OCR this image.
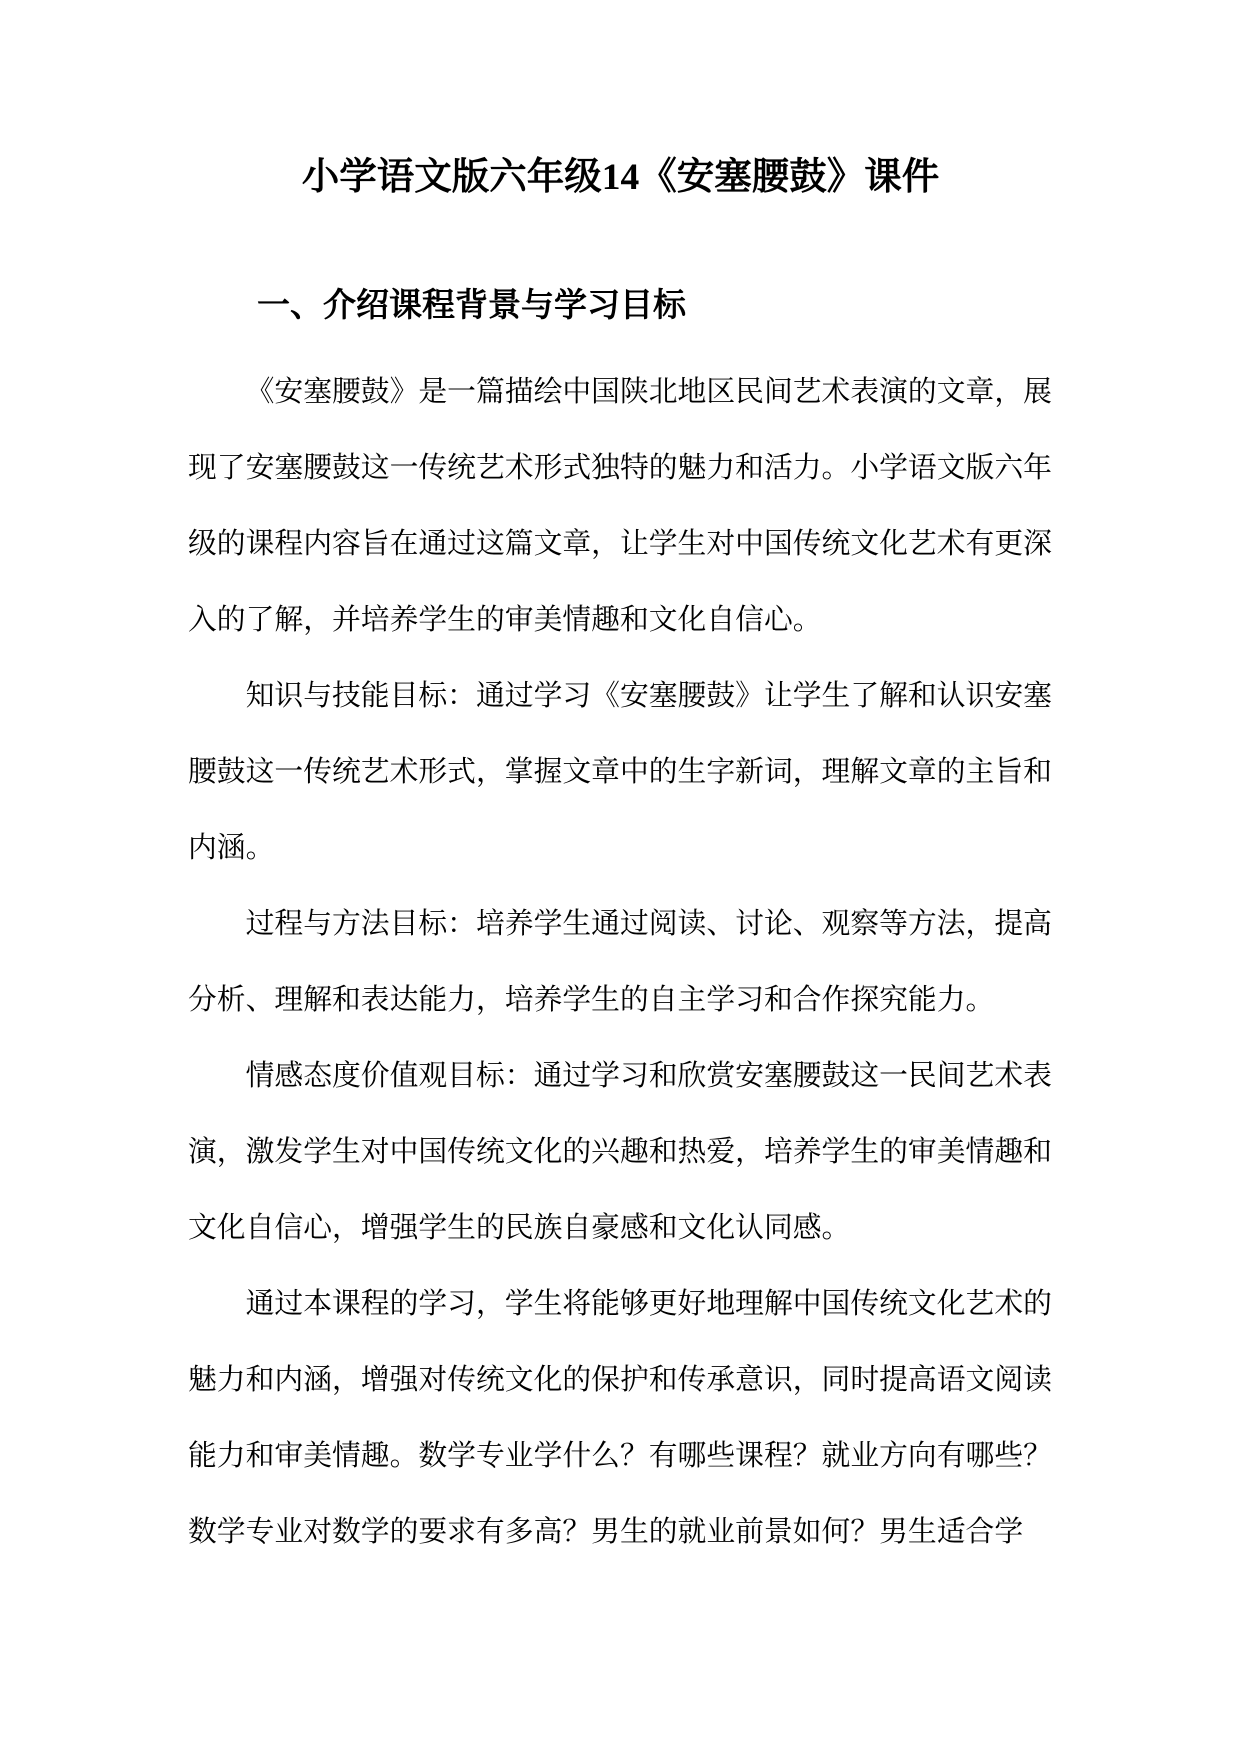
小学语文版六年级14《安塞腰鼓》课件
一、介绍课程背景与学习目标
《安塞腰鼓》是一篇描绘中国陕北地区民间艺术表演的文章，展
现了安塞腰鼓这一传统艺术形式独特的魅力和活力。小学语文版六年
级的课程内容旨在通过这篇文章，让学生对中国传统文化艺术有更深
入的了解，并培养学生的审美情趣和文化自信心。
知识与技能目标：通过学习《安塞腰鼓》让学生了解和认识安塞
腰鼓这一传统艺术形式，掌握文章中的生字新词，理解文章的主旨和
内涵。
过程与方法目标：培养学生通过阅读、讨论、观察等方法，提高
分析、理解和表达能力，培养学生的自主学习和合作探究能力。
情感态度价值观目标：通过学习和欣赏安塞腰鼓这一民间艺术表
演，激发学生对中国传统文化的兴趣和热爱，培养学生的审美情趣和
文化自信心，增强学生的民族自豪感和文化认同感。
通过本课程的学习，学生将能够更好地理解中国传统文化艺术的
魅力和内涵，增强对传统文化的保护和传承意识，同时提高语文阅读
能力和审美情趣。数学专业学什么？有哪些课程？就业方向有哪些？
数学专业对数学的要求有多高？男生的就业前景如何？男生适合学
